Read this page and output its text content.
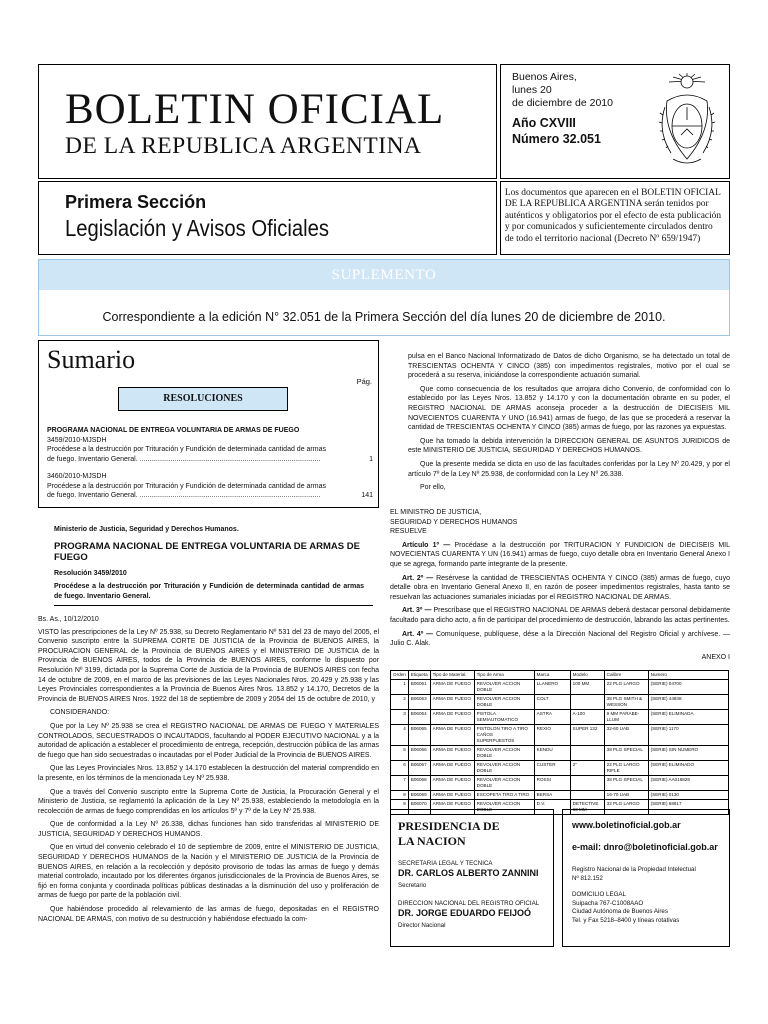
BOLETIN OFICIAL
DE LA REPUBLICA ARGENTINA
Buenos Aires,
lunes 20
de diciembre de 2010
Año CXVIII
Número 32.051
Primera Sección
Legislación y Avisos Oficiales

Los documentos que aparecen en el BOLETIN OFICIAL DE LA REPUBLICA ARGENTINA serán tenidos por auténticos y obligatorios por el efecto de esta publicación y por comunicados y suficientemente circulados dentro de todo el territorio nacional (Decreto Nº 659/1947)

SUPLEMENTO
Correspondiente a la edición N° 32.051 de la Primera Sección del día lunes 20 de diciembre de 2010.
Sumario
Pág.
RESOLUCIONES
PROGRAMA NACIONAL DE ENTREGA VOLUNTARIA DE ARMAS DE FUEGO
3459/2010-MJSDH
Procédese a la destrucción por Trituración y Fundición de determinada cantidad de armas
de fuego. Inventario General. .............................................................................................	1
3460/2010-MJSDH
Procédese a la destrucción por Trituración y Fundición de determinada cantidad de armas
de fuego. Inventario General. .............................................................................................	141
Ministerio de Justicia, Seguridad y Derechos Humanos.
PROGRAMA NACIONAL DE ENTREGA VOLUNTARIA DE ARMAS DE FUEGO
Resolución 3459/2010
Procédese a la destrucción por Trituración y Fundición de determinada cantidad de armas de fuego. Inventario General.
Bs. As., 10/12/2010
VISTO las prescripciones de la Ley Nº 25.938, su Decreto Reglamentario Nº 531 del 23 de mayo del 2005, el Convenio suscripto entre la SUPREMA CORTE DE JUSTICIA de la Provincia de BUENOS AIRES, la PROCURACION GENERAL de la Provincia de BUENOS AIRES y el MINISTERIO DE JUSTICIA de la Provincia de BUENOS AIRES, todos de la Provincia de BUENOS AIRES, conforme lo dispuesto por Resolución Nº 3199, dictada por la Suprema Corte de Justicia de la Provincia de BUENOS AIRES con fecha 14 de octubre de 2009, en el marco de las previsiones de las Leyes Nacionales Nros. 20.429 y 25.938 y las Leyes Provinciales correspondientes a la Provincia de Buenos Aires Nros. 13.852 y 14.170, Decretos de la Provincia de BUENOS AIRES Nros. 1922 del 18 de septiembre de 2009 y 2054 del 15 de octubre de 2010, y
CONSIDERANDO:
Que por la Ley Nº 25.938 se crea el REGISTRO NACIONAL DE ARMAS DE FUEGO Y MATERIALES CONTROLADOS, SECUESTRADOS O INCAUTADOS, facultando al PODER EJECUTIVO NACIONAL y a la autoridad de aplicación a establecer el procedimiento de entrega, recepción, destrucción pública de las armas de fuego que han sido secuestradas o incautadas por el Poder Judicial de la Provincia de BUENOS AIRES.
Que las Leyes Provinciales Nros. 13.852 y 14.170 establecen la destrucción del material comprendido en la presente, en los términos de la mencionada Ley Nº 25.938.
Que a través del Convenio suscripto entre la Suprema Corte de Justicia, la Procuración General y el Ministerio de Justicia, se reglamentó la aplicación de la Ley Nº 25.938, estableciendo la metodología en la recolección de armas de fuego comprendidas en los artículos 5º y 7º de la Ley Nº 25.938.
Que de conformidad a la Ley Nº 26.338, dichas funciones han sido transferidas al MINISTERIO DE JUSTICIA, SEGURIDAD Y DERECHOS HUMANOS.
Que en virtud del convenio celebrado el 10 de septiembre de 2009, entre el MINISTERIO DE JUSTICIA, SEGURIDAD Y DERECHOS HUMANOS de la Nación y el MINISTERIO DE JUSTICIA de la Provincia de BUENOS AIRES, en relación a la recolección y depósito provisorio de todas las armas de fuego y demás material controlado, incautado por los diferentes órganos jurisdiccionales de la Provincia de Buenos Aires, se fijó en forma conjunta y coordinada políticas públicas destinadas a la disminución del uso y proliferación de armas de fuego por parte de la población civil.
Que habiéndose procedido al relevamiento de las armas de fuego, depositadas en el REGISTRO NACIONAL DE ARMAS, con motivo de su destrucción y habiéndose efectuado la com-
pulsa en el Banco Nacional Informatizado de Datos de dicho Organismo, se ha detectado un total de TRESCIENTAS OCHENTA Y CINCO (385) con impedimentos registrales, motivo por el cual se procederá a su reserva, iniciándose la correspondiente actuación sumarial.
Que como consecuencia de los resultados que arrojara dicho Convenio, de conformidad con lo establecido por las Leyes Nros. 13.852 y 14.170 y con la documentación obrante en su poder, el REGISTRO NACIONAL DE ARMAS aconseja proceder a la destrucción de DIECISEIS MIL NOVECIENTOS CUARENTA Y UNO (16.941) armas de fuego, de las que se procederá a reservar la cantidad de TRESCIENTAS OCHENTA Y CINCO (385) armas de fuego, por las razones ya expuestas.
Que ha tomado la debida intervención la DIRECCION GENERAL DE ASUNTOS JURIDICOS de este MINISTERIO DE JUSTICIA, SEGURIDAD Y DERECHOS HUMANOS.
Que la presente medida se dicta en uso de las facultades conferidas por la Ley Nº 20.429, y por el artículo 7º de la Ley Nº 25.938, de conformidad con la Ley Nº 26.338.
Por ello,
EL MINISTRO DE JUSTICIA,
SEGURIDAD Y DERECHOS HUMANOS
RESUELVE
Artículo 1º — Procédase a la destrucción por TRITURACION Y FUNDICION de DIECISEIS MIL NOVECIENTAS CUARENTA Y UN (16.941) armas de fuego, cuyo detalle obra en Inventario General Anexo I que se agrega, formando parte integrante de la presente.
Art. 2º — Resérvese la cantidad de TRESCIENTAS OCHENTA Y CINCO (385) armas de fuego, cuyo detalle obra en Inventario General Anexo II, en razón de poseer impedimentos registrales, hasta tanto se resuelvan las actuaciones sumariales iniciadas por el REGISTRO NACIONAL DE ARMAS.
Art. 3º — Prescríbase que el REGISTRO NACIONAL DE ARMAS deberá destacar personal debidamente facultado para dicho acto, a fin de participar del procedimiento de destrucción, labrando las actas pertinentes.
Art. 4º — Comuníquese, publíquese, dése a la Dirección Nacional del Registro Oficial y archívese. — Julio C. Alak.
ANEXO I
Orden	Etiqueta	Tipo de Material	Tipo de Arma	Marca	Modelo	Calibre	Numero
1	B06061	ARMA DE FUEGO	REVOLVER ACCION DOBLE	LLANERO	100 MM	22 PLG LARGO	(SERIE) 04700
2	B06063	ARMA DE FUEGO	REVOLVER ACCION DOBLE	COLT		38 PLG SMITH & WESSON	(SERIE) 44848
3	B06064	ARMA DE FUEGO	PISTOLA SEMIAUTOMATICO	ASTRA	A-100	9 MM PARABE-LLUM	(SERIE) ELIMINADA
4	B06065	ARMA DE FUEGO	PISTOLON TIRO A TIRO CAÑOS SUPERPUESTOS	REXIO	SUPER 132	32-60 UAB	(SERIE) 1170
5	B06066	ARMA DE FUEGO	REVOLVER ACCION DOBLE	KENDU		38 PLG SPECIAL	(SERIE) SIN NUMERO
6	B06067	ARMA DE FUEGO	REVOLVER ACCION DOBLE	CUSTER	2"	22 PLG LARGO RIFLE	(SERIE) ELIMINADO
7	B06068	ARMA DE FUEGO	REVOLVER ACCION DOBLE	ROSSI		38 PLG SPECIAL	(SERIE) AA016828
8	B06069	ARMA DE FUEGO	ESCOPETA TIRO A TIRO	BERSA		16-70 UAB	(SERIE) 0130
9	B06070	ARMA DE FUEGO	REVOLVER ACCION DOBLE	D.V.	DETECTIVE 63 MM	32 PLG LARGO	(SERIE) 68617
PRESIDENCIA DE
LA NACION
SECRETARIA LEGAL Y TECNICA
DR. CARLOS ALBERTO ZANNINI
Secretario
DIRECCION NACIONAL DEL REGISTRO OFICIAL
DR. JORGE EDUARDO FEIJOÓ
Director Nacional
www.boletinoficial.gob.ar
e-mail: dnro@boletinoficial.gob.ar
Registro Nacional de la Propiedad Intelectual
Nº 812.152
DOMICILIO LEGAL
Suipacha 767-C1008AAO
Ciudad Autónoma de Buenos Aires
Tel. y Fax 5218–8400 y líneas rotativas
